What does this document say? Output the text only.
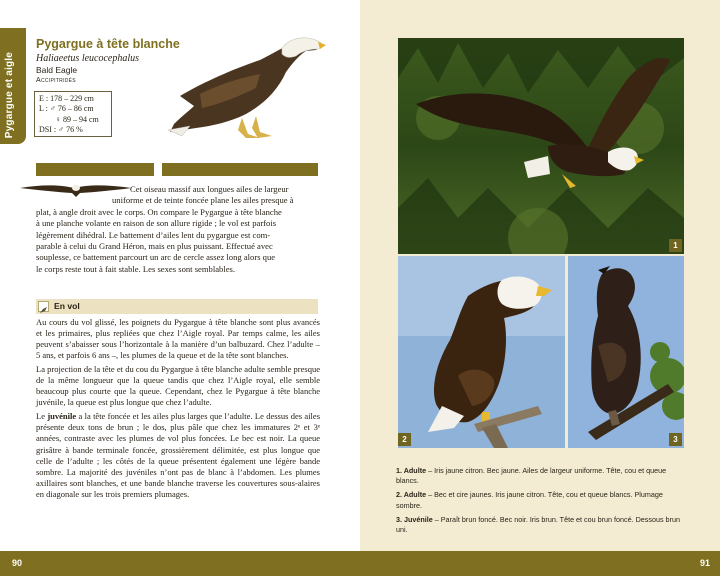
Pygargue et aigle
Pygargue à tête blanche
Haliaeetus leucocephalus
Bald Eagle
Accipitridés
E : 178 – 229 cm
L : ♂ 76 – 86 cm
♀ 89 – 94 cm
DSI : ♂ 76 %
Cet oiseau massif aux longues ailes de largeur
uniforme et de teinte foncée plane les ailes presque à
plat, à angle droit avec le corps. On compare le Pygargue à tête blanche
à une planche volante en raison de son allure rigide ; le vol est parfois
légèrement dihédral. Le battement d’ailes lent du pygargue est com-
parable à celui du Grand Héron, mais en plus puissant. Effectué avec
souplesse, ce battement parcourt un arc de cercle assez long alors que
le corps reste tout à fait stable. Les sexes sont semblables.
En vol

Au cours du vol glissé, les poignets du Pygargue à tête blanche sont plus avancés et les primaires, plus repliées que chez l’Aigle royal. Par temps calme, les ailes peuvent s’abaisser sous l’horizontale à la manière d’un balbuzard. Chez l’adulte – 5 ans, et parfois 6 ans –, les plumes de la queue et de la tête sont blanches.

La projection de la tête et du cou du Pygargue à tête blanche adulte semble presque de la même longueur que la queue tandis que chez l’Aigle royal, elle semble beaucoup plus courte que la queue. Cependant, chez le Pygargue à tête blanche juvénile, la queue est plus longue que chez l’adulte.

Le juvénile a la tête foncée et les ailes plus larges que l’adulte. Le dessus des ailes présente deux tons de brun ; le dos, plus pâle que chez les immatures 2ᵉ et 3ᵉ années, contraste avec les plumes de vol plus foncées. Le bec est noir. La queue grisâtre à bande terminale foncée, grossièrement délimitée, est plus longue que celle de l’adulte ; les côtés de la queue présentent également une légère bande sombre. La majorité des juvéniles n’ont pas de blanc à l’abdomen. Les plumes axillaires sont blanches, et une bande blanche traverse les couvertures sous-alaires en diagonale sur les trois premiers plumages.

1
2	3

1. Adulte – Iris jaune citron. Bec jaune. Ailes de largeur uniforme. Tête, cou et queue blancs.

2. Adulte – Bec et cire jaunes. Iris jaune citron. Tête, cou et queue blancs. Plumage sombre.

3. Juvénile – Paraît brun foncé. Bec noir. Iris brun. Tête et cou brun foncé. Dessous brun uni.

90	91
